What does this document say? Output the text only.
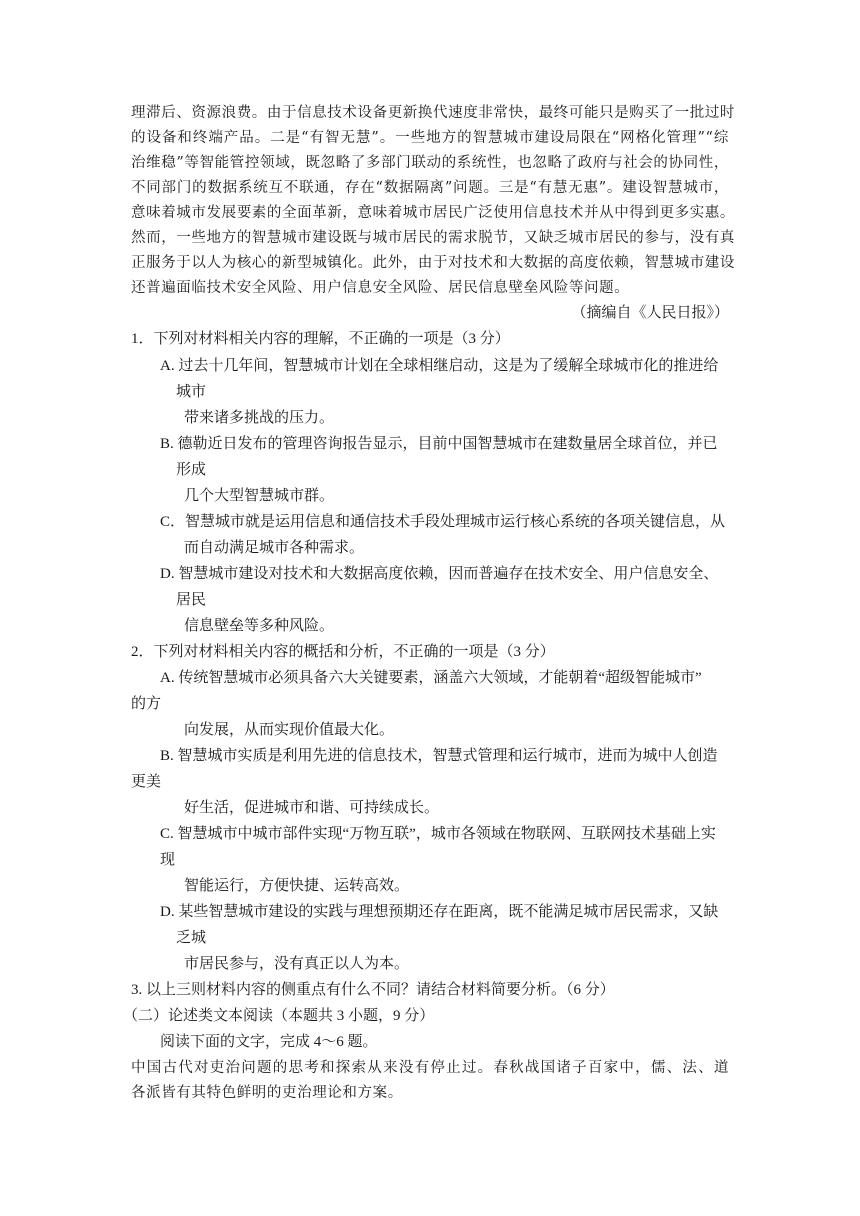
理滞后、资源浪费。由于信息技术设备更新换代速度非常快，最终可能只是购买了一批过时
的设备和终端产品。二是“有智无慧”。一些地方的智慧城市建设局限在“网格化管理”“综
治维稳”等智能管控领域，既忽略了多部门联动的系统性，也忽略了政府与社会的协同性，
不同部门的数据系统互不联通，存在“数据隔离”问题。三是“有慧无惠”。建设智慧城市，
意味着城市发展要素的全面革新，意味着城市居民广泛使用信息技术并从中得到更多实惠。
然而，一些地方的智慧城市建设既与城市居民的需求脱节，又缺乏城市居民的参与，没有真
正服务于以人为核心的新型城镇化。此外，由于对技术和大数据的高度依赖，智慧城市建设
还普遍面临技术安全风险、用户信息安全风险、居民信息壁垒风险等问题。
（摘编自《人民日报》）
1．下列对材料相关内容的理解，不正确的一项是（3 分）
A. 过去十几年间，智慧城市计划在全球相继启动，这是为了缓解全球城市化的推进给
城市
带来诸多挑战的压力。
B. 德勒近日发布的管理咨询报告显示，目前中国智慧城市在建数量居全球首位，并已
形成
几个大型智慧城市群。
C．智慧城市就是运用信息和通信技术手段处理城市运行核心系统的各项关键信息，从
而自动满足城市各种需求。
D. 智慧城市建设对技术和大数据高度依赖，因而普遍存在技术安全、用户信息安全、
居民
信息壁垒等多种风险。
2．下列对材料相关内容的概括和分析，不正确的一项是（3 分）
A. 传统智慧城市必须具备六大关键要素，涵盖六大领域，才能朝着“超级智能城市”
的方
向发展，从而实现价值最大化。
B. 智慧城市实质是利用先进的信息技术，智慧式管理和运行城市，进而为城中人创造
更美
好生活，促进城市和谐、可持续成长。
C. 智慧城市中城市部件实现“万物互联”，城市各领域在物联网、互联网技术基础上实
现
智能运行，方便快捷、运转高效。
D. 某些智慧城市建设的实践与理想预期还存在距离，既不能满足城市居民需求，又缺
乏城
市居民参与，没有真正以人为本。
3. 以上三则材料内容的侧重点有什么不同？请结合材料简要分析。（6 分）
（二）论述类文本阅读（本题共 3 小题，9 分）
阅读下面的文字，完成 4～6 题。
中国古代对吏治问题的思考和探索从来没有停止过。春秋战国诸子百家中，儒、法、道
各派皆有其特色鲜明的吏治理论和方案。
